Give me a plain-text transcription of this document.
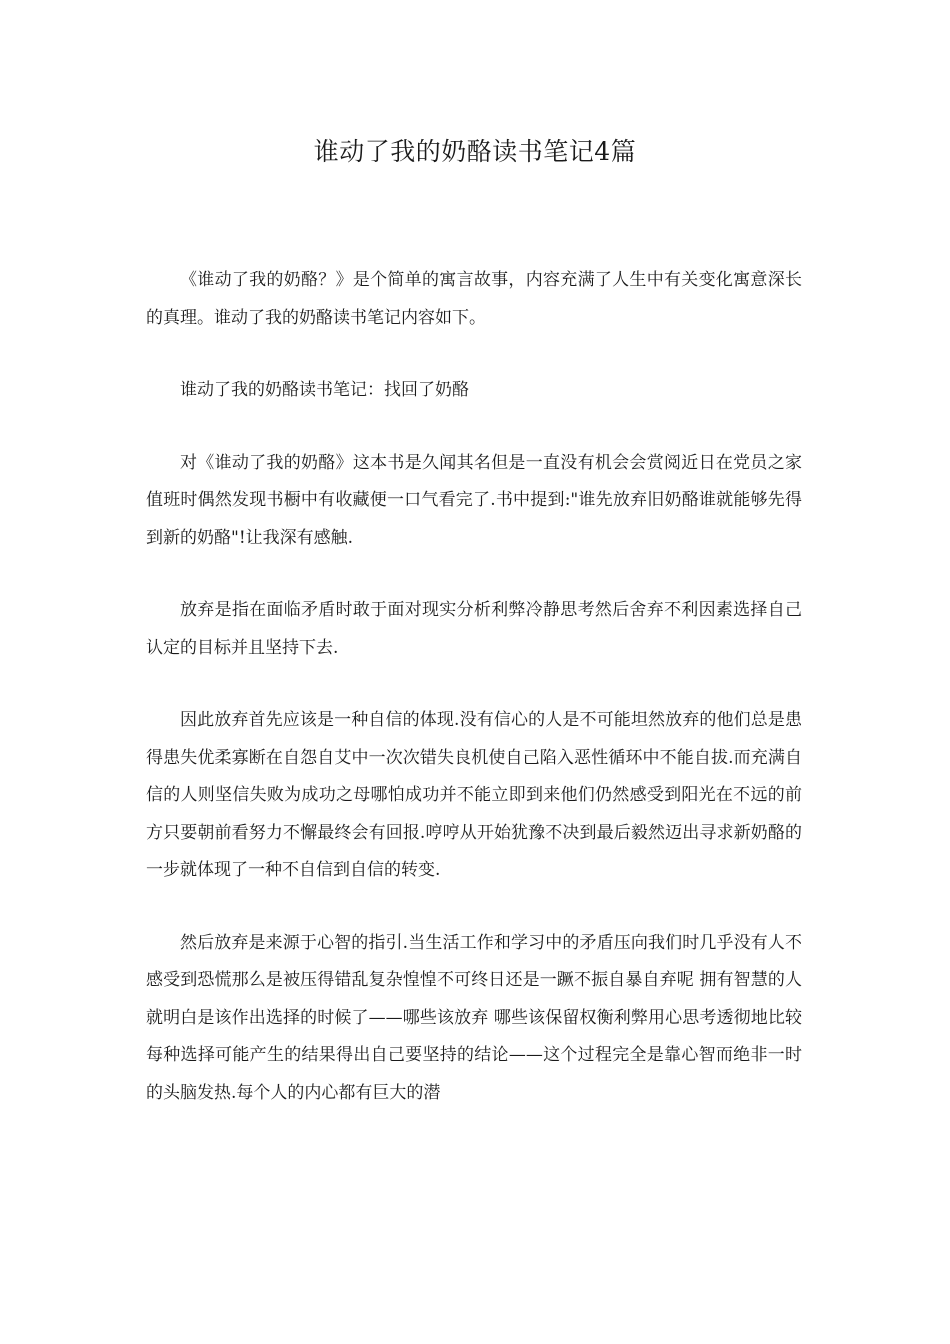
谁动了我的奶酪读书笔记4篇

《谁动了我的奶酪？》是个简单的寓言故事，内容充满了人生中有关变化寓意深长的真理。谁动了我的奶酪读书笔记内容如下。

谁动了我的奶酪读书笔记：找回了奶酪

对《谁动了我的奶酪》这本书是久闻其名但是一直没有机会会赏阅近日在党员之家值班时偶然发现书橱中有收藏便一口气看完了.书中提到:"谁先放弃旧奶酪谁就能够先得到新的奶酪"!让我深有感触.

放弃是指在面临矛盾时敢于面对现实分析利弊冷静思考然后舍弃不利因素选择自己认定的目标并且坚持下去.

因此放弃首先应该是一种自信的体现.没有信心的人是不可能坦然放弃的他们总是患得患失优柔寡断在自怨自艾中一次次错失良机使自己陷入恶性循环中不能自拔.而充满自信的人则坚信失败为成功之母哪怕成功并不能立即到来他们仍然感受到阳光在不远的前方只要朝前看努力不懈最终会有回报.哼哼从开始犹豫不决到最后毅然迈出寻求新奶酪的一步就体现了一种不自信到自信的转变.

然后放弃是来源于心智的指引.当生活工作和学习中的矛盾压向我们时几乎没有人不感受到恐慌那么是被压得错乱复杂惶惶不可终日还是一蹶不振自暴自弃呢 拥有智慧的人就明白是该作出选择的时候了——哪些该放弃 哪些该保留权衡利弊用心思考透彻地比较每种选择可能产生的结果得出自己要坚持的结论——这个过程完全是靠心智而绝非一时的头脑发热.每个人的内心都有巨大的潜
